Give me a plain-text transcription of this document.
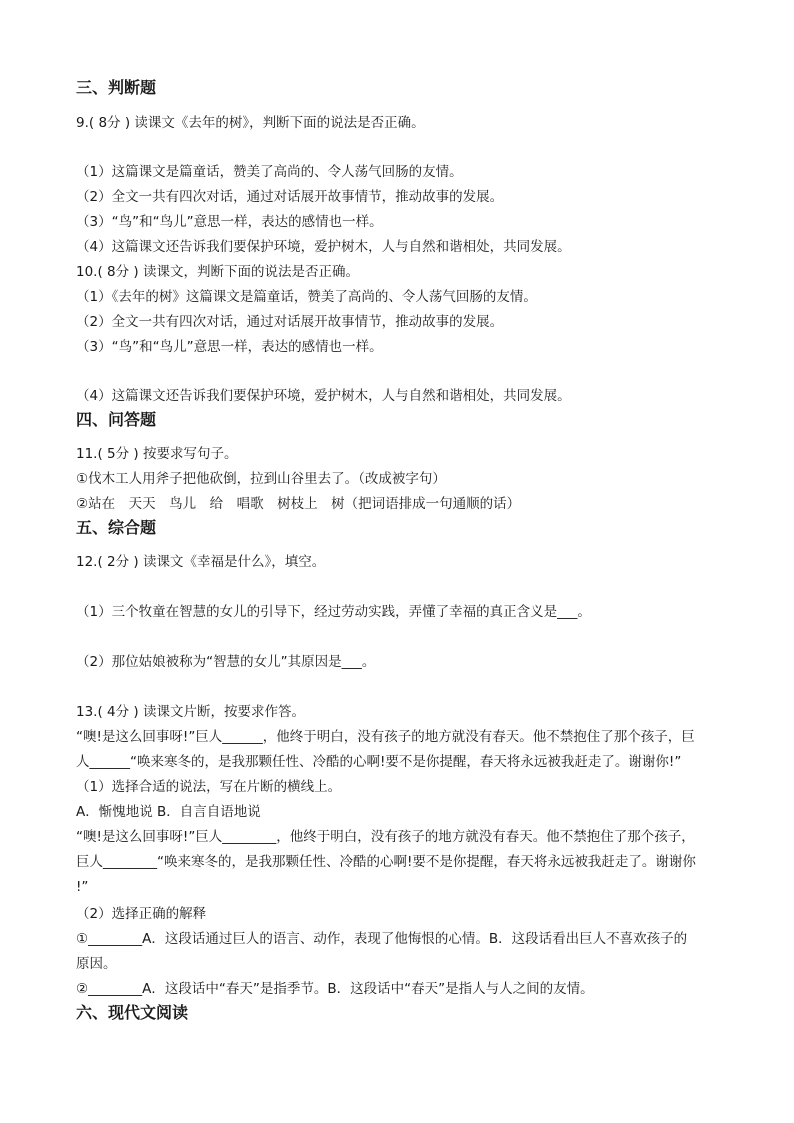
三、判断题
9.( 8分 ) 读课文《去年的树》，判断下面的说法是否正确。
（1）这篇课文是篇童话，赞美了高尚的、令人荡气回肠的友情。
（2）全文一共有四次对话，通过对话展开故事情节，推动故事的发展。
（3）“鸟”和“鸟儿”意思一样，表达的感情也一样。
（4）这篇课文还告诉我们要保护环境，爱护树木，人与自然和谐相处，共同发展。
10.( 8分 ) 读课文，判断下面的说法是否正确。
（1）《去年的树》这篇课文是篇童话，赞美了高尚的、令人荡气回肠的友情。
（2）全文一共有四次对话，通过对话展开故事情节，推动故事的发展。
（3）“鸟”和“鸟儿”意思一样，表达的感情也一样。
（4）这篇课文还告诉我们要保护环境，爱护树木，人与自然和谐相处，共同发展。
四、问答题
11.( 5分 ) 按要求写句子。
①伐木工人用斧子把他砍倒，拉到山谷里去了。（改成被字句）
②站在　天天　鸟儿　给　唱歌　树枝上　树（把词语排成一句通顺的话）
五、综合题
12.( 2分 ) 读课文《幸福是什么》，填空。
（1）三个牧童在智慧的女儿的引导下，经过劳动实践，弄懂了幸福的真正含义是___。
（2）那位姑娘被称为“智慧的女儿”其原因是___。
13.( 4分 ) 读课文片断，按要求作答。
“噢!是这么回事呀!”巨人______，他终于明白，没有孩子的地方就没有春天。他不禁抱住了那个孩子，巨
人______“唤来寒冬的，是我那颗任性、冷酷的心啊!要不是你提醒，春天将永远被我赶走了。谢谢你!”
（1）选择合适的说法，写在片断的横线上。
A．惭愧地说 B．自言自语地说
“噢!是这么回事呀!”巨人________，他终于明白，没有孩子的地方就没有春天。他不禁抱住了那个孩子，
巨人________“唤来寒冬的，是我那颗任性、冷酷的心啊!要不是你提醒，春天将永远被我赶走了。谢谢你
!”
（2）选择正确的解释
①________A．这段话通过巨人的语言、动作，表现了他悔恨的心情。B．这段话看出巨人不喜欢孩子的
原因。
②________A．这段话中“春天”是指季节。B．这段话中“春天”是指人与人之间的友情。
六、现代文阅读
